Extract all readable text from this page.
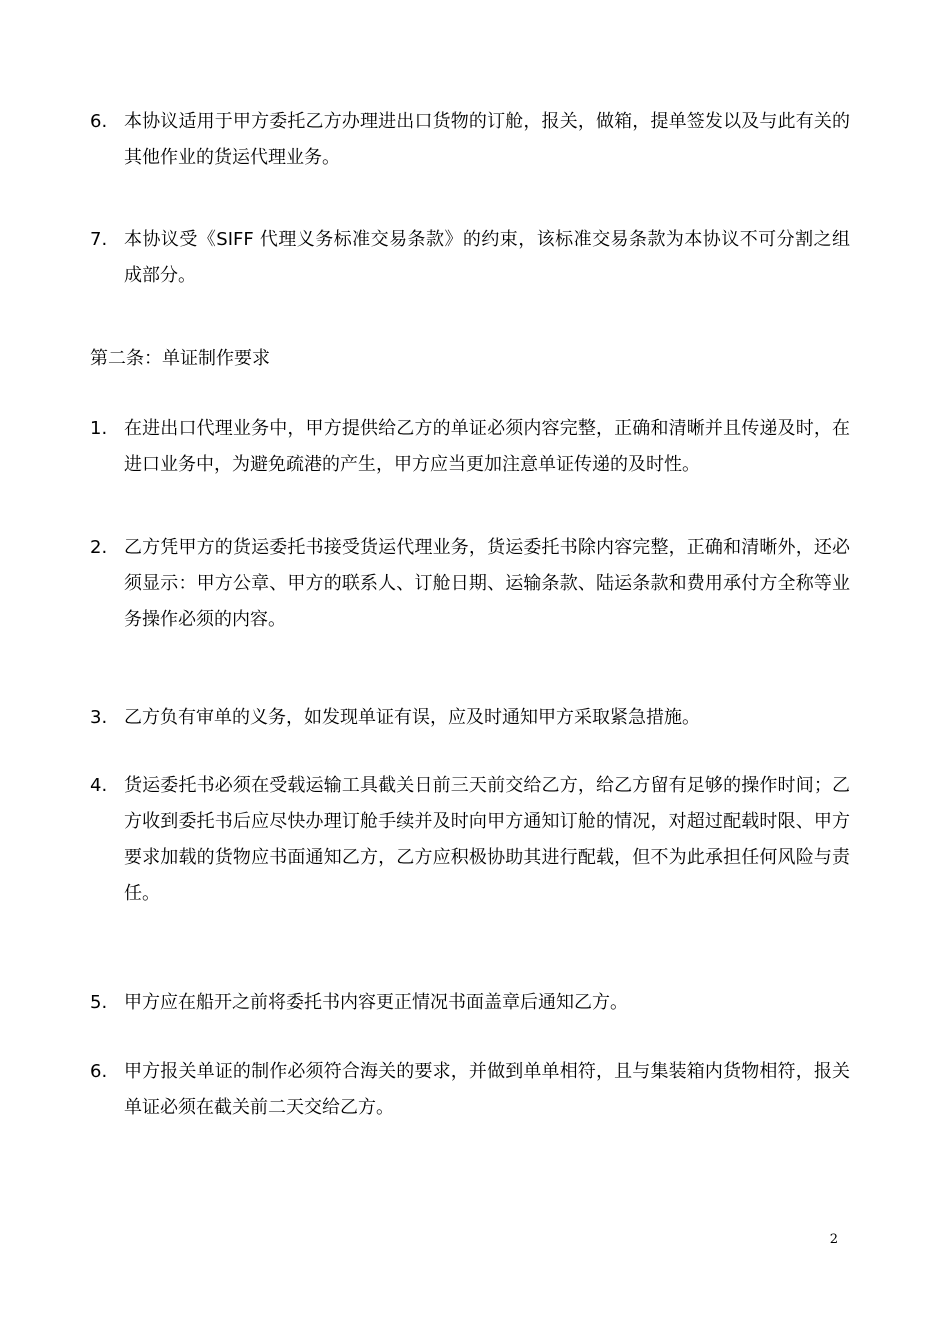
6. 本协议适用于甲方委托乙方办理进出口货物的订舱，报关，做箱，提单签发以及与此有关的其他作业的货运代理业务。
7. 本协议受《SIFF 代理义务标准交易条款》的约束，该标准交易条款为本协议不可分割之组成部分。
第二条：单证制作要求
1. 在进出口代理业务中，甲方提供给乙方的单证必须内容完整，正确和清晰并且传递及时，在进口业务中，为避免疏港的产生，甲方应当更加注意单证传递的及时性。
2. 乙方凭甲方的货运委托书接受货运代理业务，货运委托书除内容完整，正确和清晰外，还必须显示：甲方公章、甲方的联系人、订舱日期、运输条款、陆运条款和费用承付方全称等业务操作必须的内容。
3. 乙方负有审单的义务，如发现单证有误，应及时通知甲方采取紧急措施。
4. 货运委托书必须在受载运输工具截关日前三天前交给乙方，给乙方留有足够的操作时间；乙方收到委托书后应尽快办理订舱手续并及时向甲方通知订舱的情况，对超过配载时限、甲方要求加载的货物应书面通知乙方，乙方应积极协助其进行配载，但不为此承担任何风险与责任。
5. 甲方应在船开之前将委托书内容更正情况书面盖章后通知乙方。
6. 甲方报关单证的制作必须符合海关的要求，并做到单单相符，且与集装箱内货物相符，报关单证必须在截关前二天交给乙方。
2
